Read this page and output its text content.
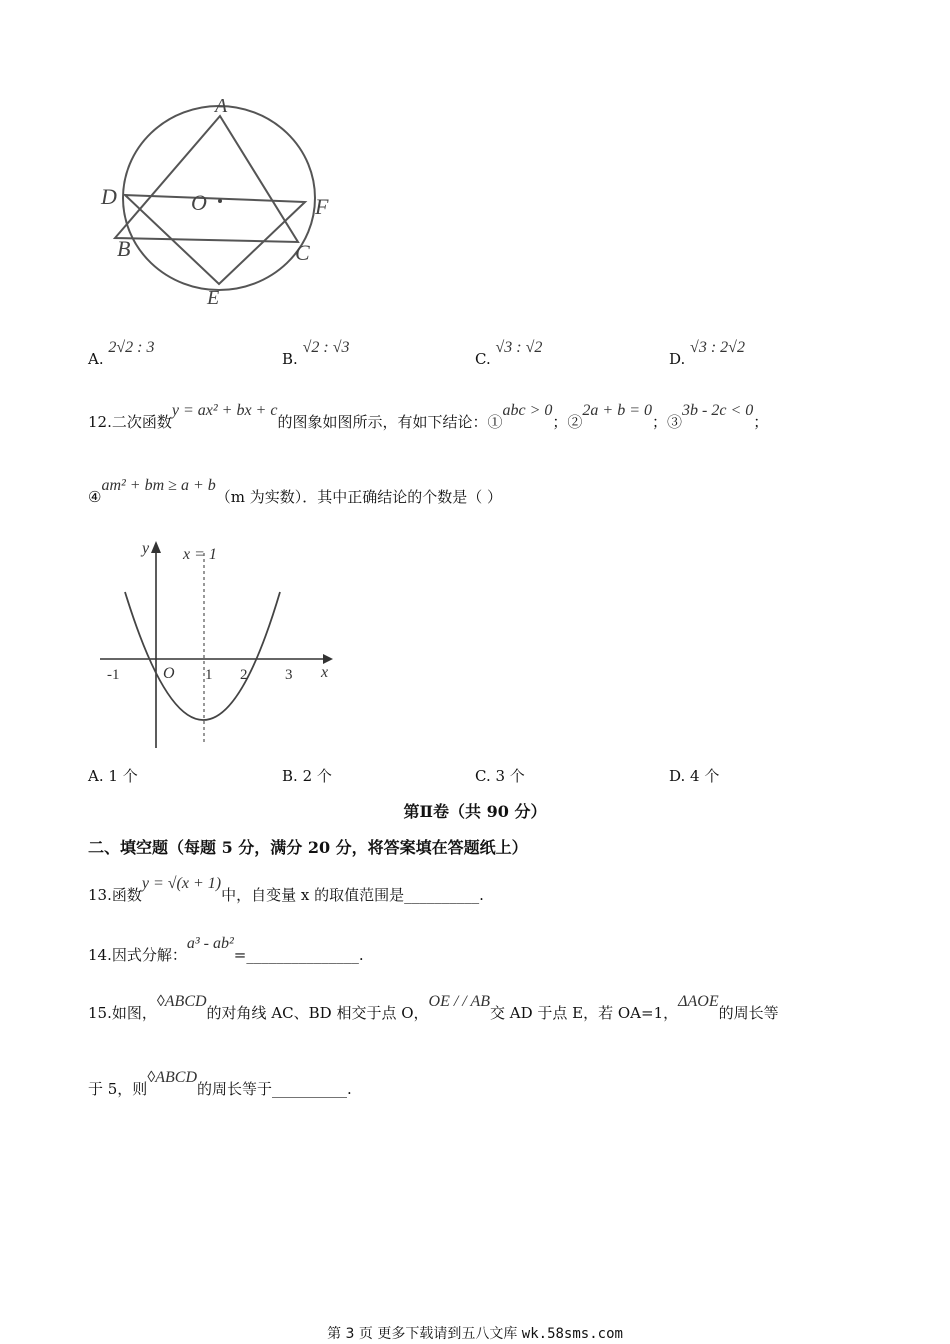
A
D	O	F
B	C
E
A. 2√2 : 3
B. √2 : √3
C. √3 : √2
D. √3 : 2√2
12.二次函数y = ax² + bx + c的图象如图所示，有如下结论：①abc > 0；②2a + b = 0；③3b - 2c < 0；
④am² + bm ≥ a + b（m 为实数）．其中正确结论的个数是（ ）
y x = 1
-1	O 1 2	3 x
A. 1 个	B. 2 个	C. 3 个	D. 4 个
第Ⅱ卷（共 90 分）
二、填空题（每题 5 分，满分 20 分，将答案填在答题纸上）
13.函数y = √(x + 1)中，自变量 x 的取值范围是__________.
14.因式分解：a³ - ab²=_______________.
15.如图，◊ABCD的对角线 AC、BD 相交于点 O，OE / / AB交 AD 于点 E，若 OA=1，ΔAOE的周长等
于 5，则◊ABCD的周长等于__________.
第 3 页 更多下载请到五八文库 wk.58sms.com
